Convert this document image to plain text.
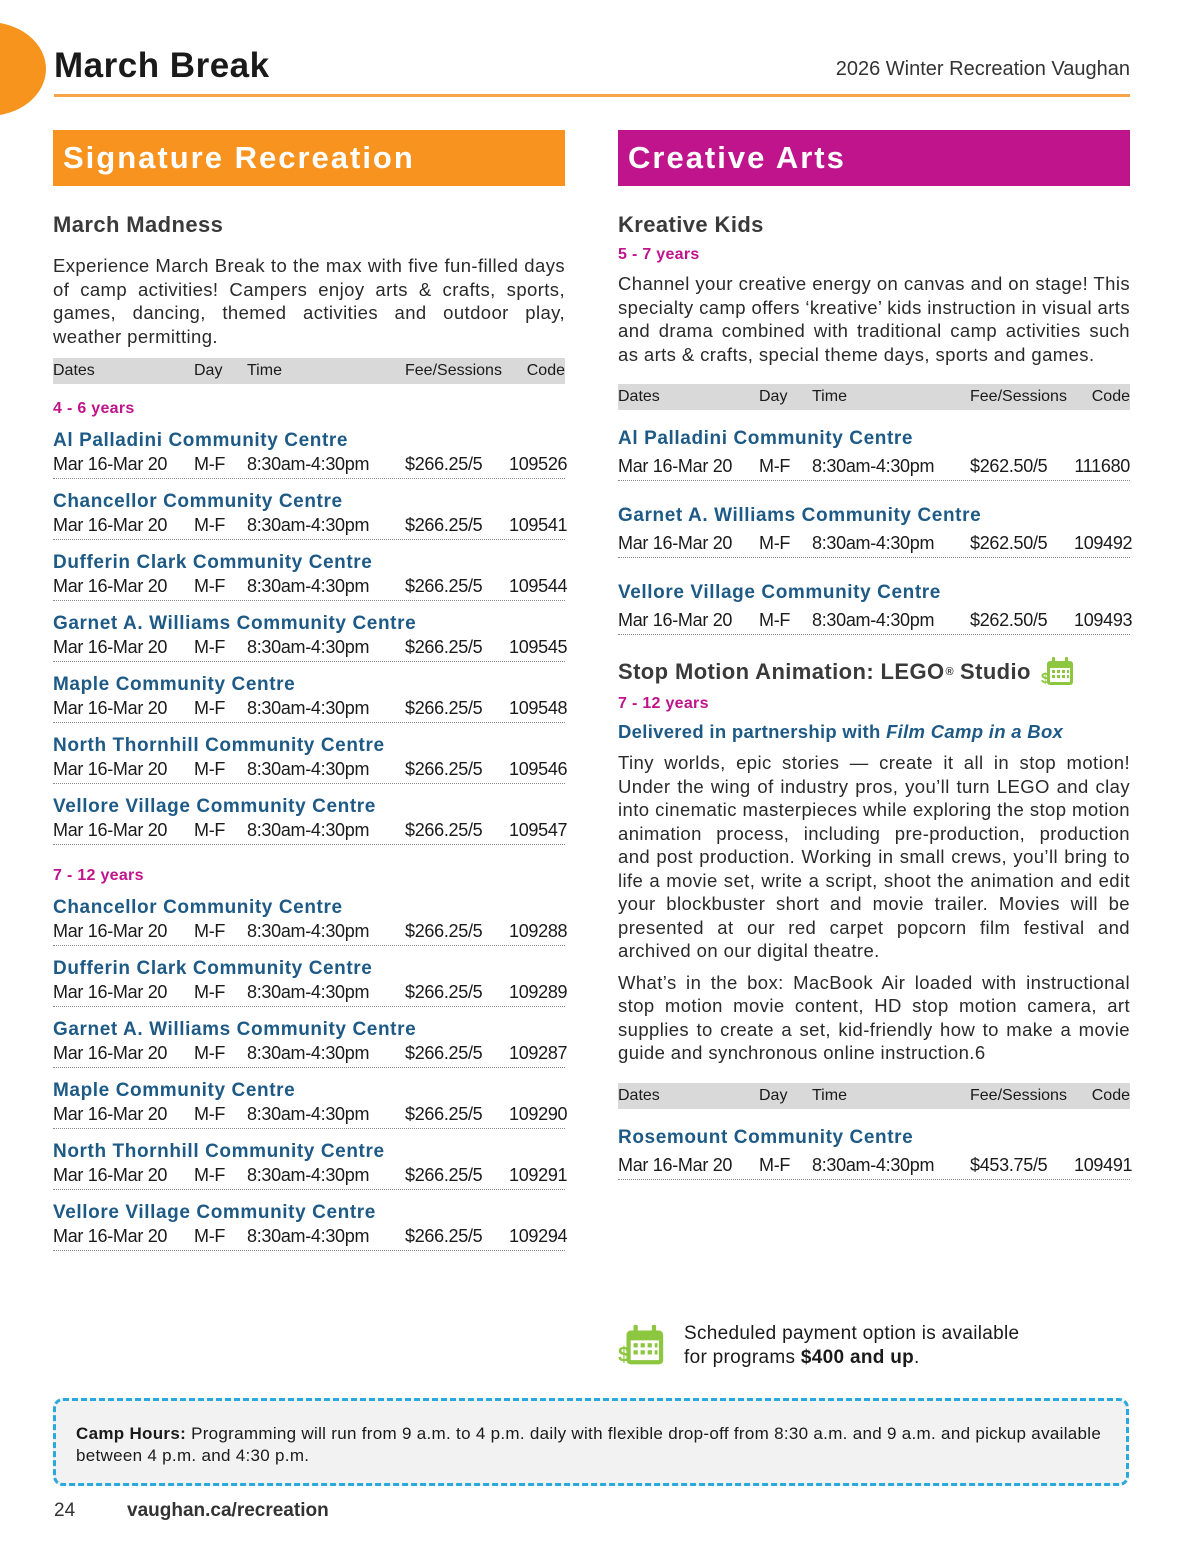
March Break	2026 Winter Recreation Vaughan
Signature Recreation
March Madness

Experience March Break to the max with five fun-filled days of camp activities! Campers enjoy arts & crafts, sports, games, dancing, themed activities and outdoor play, weather permitting.

Dates	Day	Time	Fee/Sessions	Code
4 - 6 years
Al Palladini Community Centre
Mar 16-Mar 20	M-F	8:30am-4:30pm	$266.25/5	109526
Chancellor Community Centre
Mar 16-Mar 20	M-F	8:30am-4:30pm	$266.25/5	109541
Dufferin Clark Community Centre
Mar 16-Mar 20	M-F	8:30am-4:30pm	$266.25/5	109544
Garnet A. Williams Community Centre
Mar 16-Mar 20	M-F	8:30am-4:30pm	$266.25/5	109545
Maple Community Centre
Mar 16-Mar 20	M-F	8:30am-4:30pm	$266.25/5	109548
North Thornhill Community Centre
Mar 16-Mar 20	M-F	8:30am-4:30pm	$266.25/5	109546
Vellore Village Community Centre
Mar 16-Mar 20	M-F	8:30am-4:30pm	$266.25/5	109547
7 - 12 years
Chancellor Community Centre
Mar 16-Mar 20	M-F	8:30am-4:30pm	$266.25/5	109288
Dufferin Clark Community Centre
Mar 16-Mar 20	M-F	8:30am-4:30pm	$266.25/5	109289
Garnet A. Williams Community Centre
Mar 16-Mar 20	M-F	8:30am-4:30pm	$266.25/5	109287
Maple Community Centre
Mar 16-Mar 20	M-F	8:30am-4:30pm	$266.25/5	109290
North Thornhill Community Centre
Mar 16-Mar 20	M-F	8:30am-4:30pm	$266.25/5	109291
Vellore Village Community Centre
Mar 16-Mar 20	M-F	8:30am-4:30pm	$266.25/5	109294
Creative Arts
Kreative Kids
5 - 7 years

Channel your creative energy on canvas and on stage! This specialty camp offers ‘kreative’ kids instruction in visual arts and drama combined with traditional camp activities such as arts & crafts, special theme days, sports and games.

Dates	Day	Time	Fee/Sessions	Code
Al Palladini Community Centre
Mar 16-Mar 20	M-F	8:30am-4:30pm	$262.50/5	111680
Garnet A. Williams Community Centre
Mar 16-Mar 20	M-F	8:30am-4:30pm	$262.50/5	109492
Vellore Village Community Centre
Mar 16-Mar 20	M-F	8:30am-4:30pm	$262.50/5	109493
Stop Motion Animation: LEGO ® Studio $
7 - 12 years
Delivered in partnership with Film Camp in a Box

Tiny worlds, epic stories — create it all in stop motion! Under the wing of industry pros, you’ll turn LEGO and clay into cinematic masterpieces while exploring the stop motion animation process, including pre-production, production and post production. Working in small crews, you’ll bring to life a movie set, write a script, shoot the animation and edit your blockbuster short and movie trailer. Movies will be presented at our red carpet popcorn film festival and archived on our digital theatre.

What’s in the box: MacBook Air loaded with instructional stop motion movie content, HD stop motion camera, art supplies to create a set, kid-friendly how to make a movie guide and synchronous online instruction.6

Dates	Day	Time	Fee/Sessions	Code
Rosemount Community Centre
Mar 16-Mar 20	M-F	8:30am-4:30pm	$453.75/5	109491
$
Scheduled payment option is available
for programs $400 and up.
Camp Hours: Programming will run from 9 a.m. to 4 p.m. daily with flexible drop-off from 8:30 a.m. and 9 a.m. and pickup available between 4 p.m. and 4:30 p.m.
24	vaughan.ca/recreation
